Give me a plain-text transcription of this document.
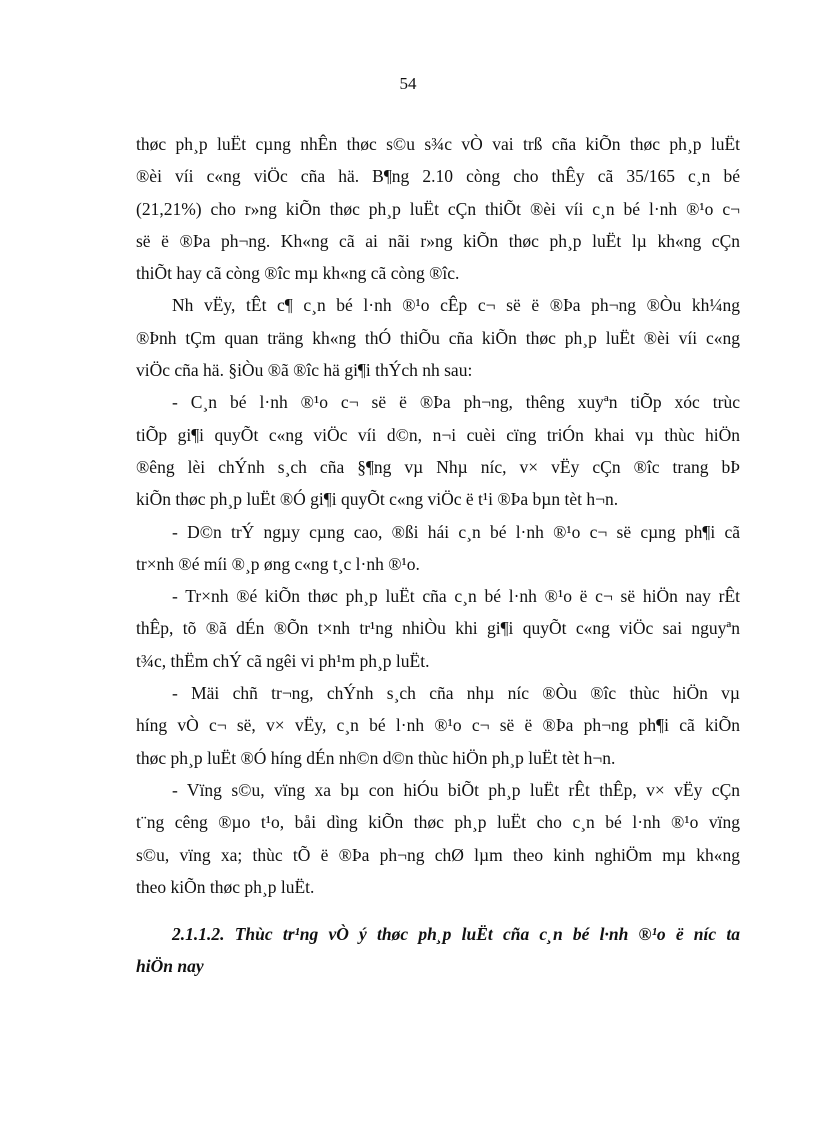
54
thøc ph¸p luËt cµng nhÊn thøc s©u s¾c vÒ vai trß cña kiÕn thøc ph¸p luËt
®èi víi c«ng viÖc cña hä. B¶ng 2.10 còng cho thÊy cã 35/165 c¸n bé
(21,21%) cho r»ng kiÕn thøc ph¸p luËt cÇn thiÕt ®èi víi c¸n bé l·nh ®¹o c¬
së ë ®Þa ph¬ng. Kh«ng cã ai nãi r»ng kiÕn thøc ph¸p luËt lµ kh«ng cÇn
thiÕt hay cã còng ®îc mµ kh«ng cã còng ®îc.
Nh vËy, tÊt c¶ c¸n bé l·nh ®¹o cÊp c¬ së ë ®Þa ph¬ng ®Òu kh¼ng
®Þnh tÇm quan träng kh«ng thÓ thiÕu cña kiÕn thøc ph¸p luËt ®èi víi c«ng
viÖc cña hä. §iÒu ®ã ®îc hä gi¶i thÝch nh sau:
- C¸n bé l·nh ®¹o c¬ së ë ®Þa ph¬ng, thêng xuyªn tiÕp xóc trùc
tiÕp gi¶i quyÕt c«ng viÖc víi d©n, n¬i cuèi cïng triÓn khai vµ thùc hiÖn
®êng lèi chÝnh s¸ch cña §¶ng vµ Nhµ níc, v× vËy cÇn ®îc trang bÞ
kiÕn thøc ph¸p luËt ®Ó gi¶i quyÕt c«ng viÖc ë t¹i ®Þa bµn tèt h¬n.
- D©n trÝ ngµy cµng cao, ®ßi hái c¸n bé l·nh ®¹o c¬ së cµng ph¶i cã
tr×nh ®é míi ®¸p øng c«ng t¸c l·nh ®¹o.
- Tr×nh ®é kiÕn thøc ph¸p luËt cña c¸n bé l·nh ®¹o ë c¬ së hiÖn nay rÊt
thÊp, tõ ®ã dÉn ®Õn t×nh tr¹ng nhiÒu khi gi¶i quyÕt c«ng viÖc sai nguyªn
t¾c, thËm chÝ cã ngêi vi ph¹m ph¸p luËt.
- Mäi chñ tr¬ng, chÝnh s¸ch cña nhµ níc ®Òu ®îc thùc hiÖn vµ
híng vÒ c¬ së, v× vËy, c¸n bé l·nh ®¹o c¬ së ë ®Þa ph¬ng ph¶i cã kiÕn
thøc ph¸p luËt ®Ó híng dÉn nh©n d©n thùc hiÖn ph¸p luËt tèt h¬n.
- Vïng s©u, vïng xa bµ con hiÓu biÕt ph¸p luËt rÊt thÊp, v× vËy cÇn
t¨ng cêng ®µo t¹o, båi dìng kiÕn thøc ph¸p luËt cho c¸n bé l·nh ®¹o vïng
s©u, vïng xa; thùc tÕ ë ®Þa ph¬ng chØ lµm theo kinh nghiÖm mµ kh«ng
theo kiÕn thøc ph¸p luËt.
2.1.1.2. Thùc tr¹ng vÒ ý thøc ph¸p luËt cña c¸n bé l·nh ®¹o ë níc ta
hiÖn nay
